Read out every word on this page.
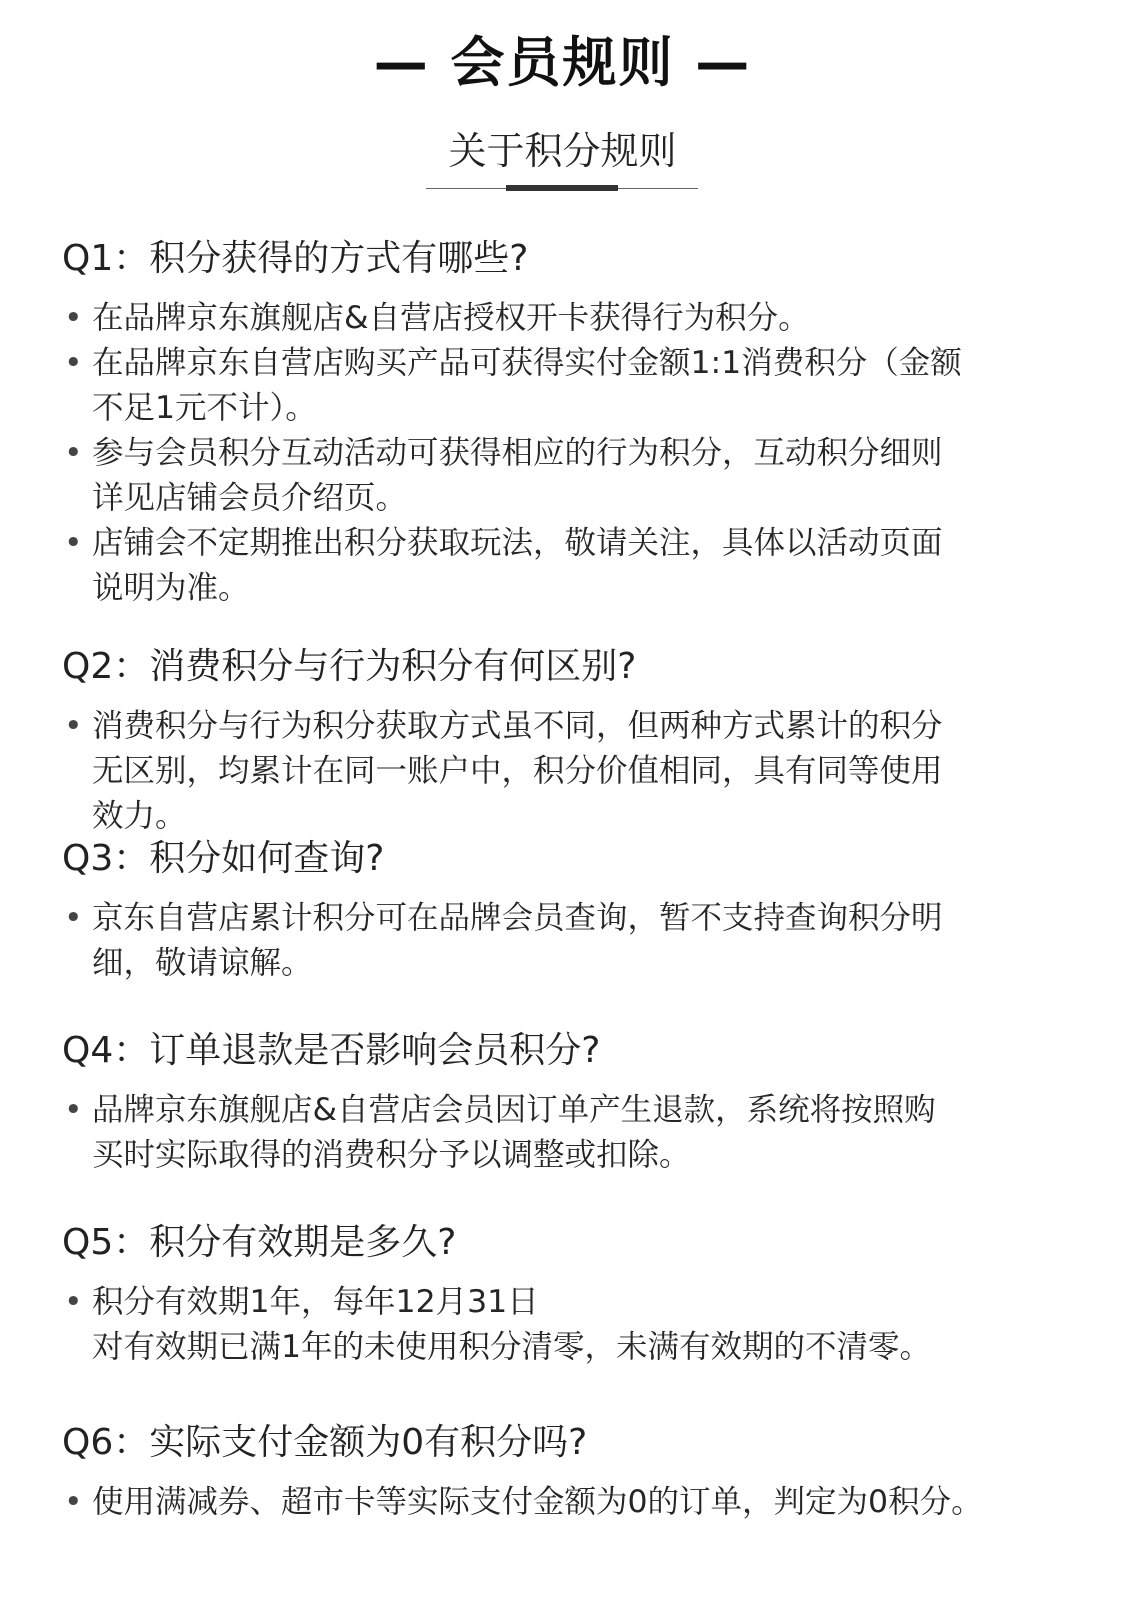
— 会员规则 —
关于积分规则
Q1：积分获得的方式有哪些?
• 在品牌京东旗舰店&自营店授权开卡获得行为积分。
• 在品牌京东自营店购买产品可获得实付金额1:1消费积分（金额
不足1元不计）。
• 参与会员积分互动活动可获得相应的行为积分，互动积分细则
详见店铺会员介绍页。
• 店铺会不定期推出积分获取玩法，敬请关注，具体以活动页面
说明为准。
Q2：消费积分与行为积分有何区别?
• 消费积分与行为积分获取方式虽不同，但两种方式累计的积分
无区别，均累计在同一账户中，积分价值相同，具有同等使用
效力。
Q3：积分如何查询?
• 京东自营店累计积分可在品牌会员查询，暂不支持查询积分明
细，敬请谅解。
Q4：订单退款是否影响会员积分?
• 品牌京东旗舰店&自营店会员因订单产生退款，系统将按照购
买时实际取得的消费积分予以调整或扣除。
Q5：积分有效期是多久?
• 积分有效期1年，每年12月31日
对有效期已满1年的未使用积分清零，未满有效期的不清零。
Q6：实际支付金额为0有积分吗?
• 使用满减券、超市卡等实际支付金额为0的订单，判定为0积分。
